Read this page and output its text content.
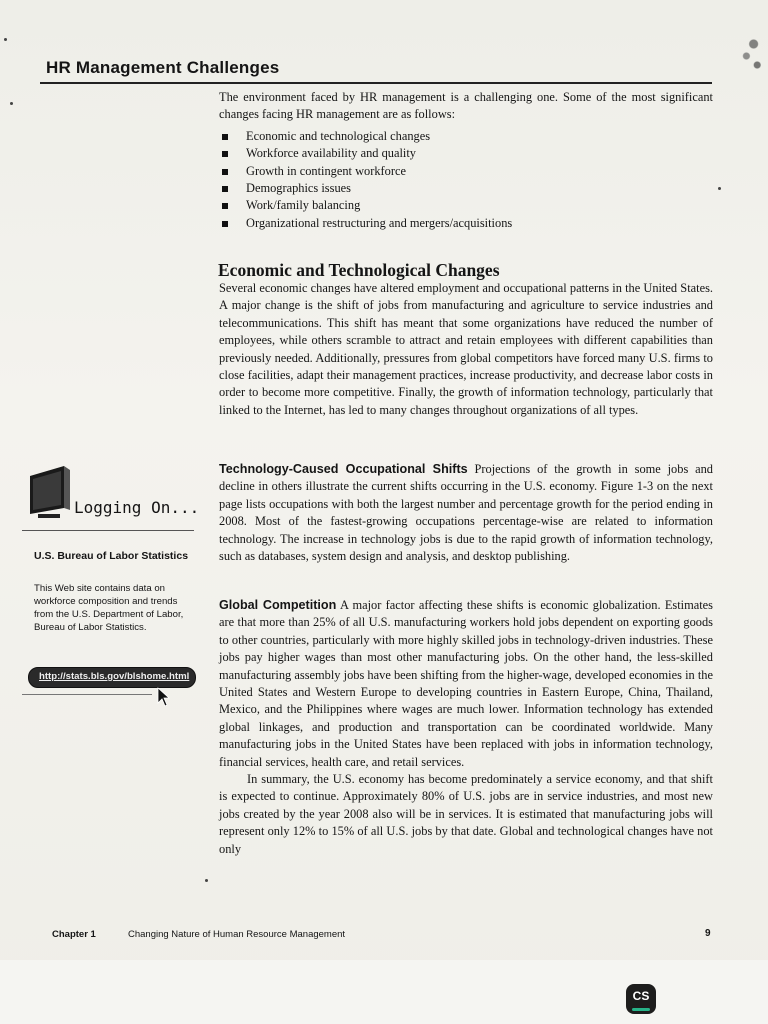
HR Management Challenges

The environment faced by HR management is a challenging one. Some of the most significant changes facing HR management are as follows:

Economic and technological changes
Workforce availability and quality
Growth in contingent workforce
Demographics issues
Work/family balancing
Organizational restructuring and mergers/acquisitions
Economic and Technological Changes

Several economic changes have altered employment and occupational patterns in the United States. A major change is the shift of jobs from manufacturing and agriculture to service industries and telecommunications. This shift has meant that some organizations have reduced the number of employees, while others scramble to attract and retain employees with different capabilities than previously needed. Additionally, pressures from global competitors have forced many U.S. firms to close facilities, adapt their management practices, increase productivity, and decrease labor costs in order to become more competitive. Finally, the growth of information technology, particularly that linked to the Internet, has led to many changes throughout organizations of all types.

Technology-Caused Occupational Shifts Projections of the growth in some jobs and decline in others illustrate the current shifts occurring in the U.S. economy. Figure 1-3 on the next page lists occupations with both the largest number and percentage growth for the period ending in 2008. Most of the fastest-growing occupations percentage-wise are related to information technology. The increase in technology jobs is due to the rapid growth of information technology, such as databases, system design and analysis, and desktop publishing.

Global Competition A major factor affecting these shifts is economic globalization. Estimates are that more than 25% of all U.S. manufacturing workers hold jobs dependent on exporting goods to other countries, particularly with more highly skilled jobs in technology-driven industries. These jobs pay higher wages than most other manufacturing jobs. On the other hand, the less-skilled manufacturing assembly jobs have been shifting from the higher-wage, developed economies in the United States and Western Europe to developing countries in Eastern Europe, China, Thailand, Mexico, and the Philippines where wages are much lower. Information technology has extended global linkages, and production and transportation can be coordinated worldwide. Many manufacturing jobs in the United States have been replaced with jobs in information technology, financial services, health care, and retail services.

In summary, the U.S. economy has become predominately a service economy, and that shift is expected to continue. Approximately 80% of U.S. jobs are in service industries, and most new jobs created by the year 2008 also will be in services. It is estimated that manufacturing jobs will represent only 12% to 15% of all U.S. jobs by that date. Global and technological changes have not only

Logging On...
U.S. Bureau of Labor Statistics
This Web site contains data on workforce composition and trends from the U.S. Department of Labor, Bureau of Labor Statistics.
http://stats.bls.gov/blshome.html
Chapter 1	Changing Nature of Human Resource Management	9
CS
